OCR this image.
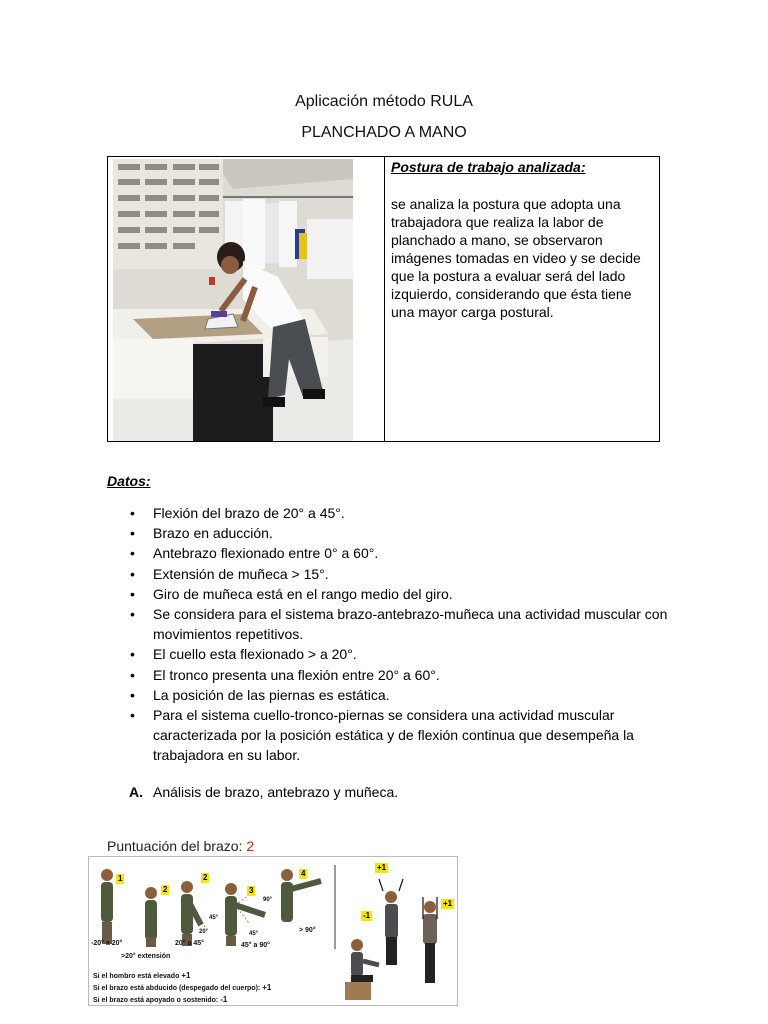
Aplicación método RULA
PLANCHADO A MANO
Postura de trabajo analizada:
se analiza la postura que adopta una trabajadora que realiza la labor de planchado a mano, se observaron imágenes tomadas en video y se decide que la postura a evaluar será del lado izquierdo, considerando que ésta tiene una mayor carga postural.
Datos:
• Flexión del brazo de 20° a 45°.
• Brazo en aducción.
• Antebrazo flexionado entre 0° a 60°.
• Extensión de muñeca > 15°.
• Giro de muñeca está en el rango medio del giro.
• Se considera para el sistema brazo-antebrazo-muñeca una actividad muscular con movimientos repetitivos.
• El cuello esta flexionado > a 20°.
• El tronco presenta una flexión entre 20° a 60°.
• La posición de las piernas es estática.
• Para el sistema cuello-tronco-piernas se considera una actividad muscular caracterizada por la posición estática y de flexión continua que desempeña la trabajadora en su labor.
A. Análisis de brazo, antebrazo y muñeca.
Puntuación del brazo: 2
1
2
2
3
4
+1
-1
+1
-20° a 20°	20° a 45°	45° a 90°
> 90°
>20° extensión
20°
45°
45°
90°
Si el hombro está elevado +1
Si el brazo está abducido (despegado del cuerpo): +1
Si el brazo está apoyado o sostenido: -1
